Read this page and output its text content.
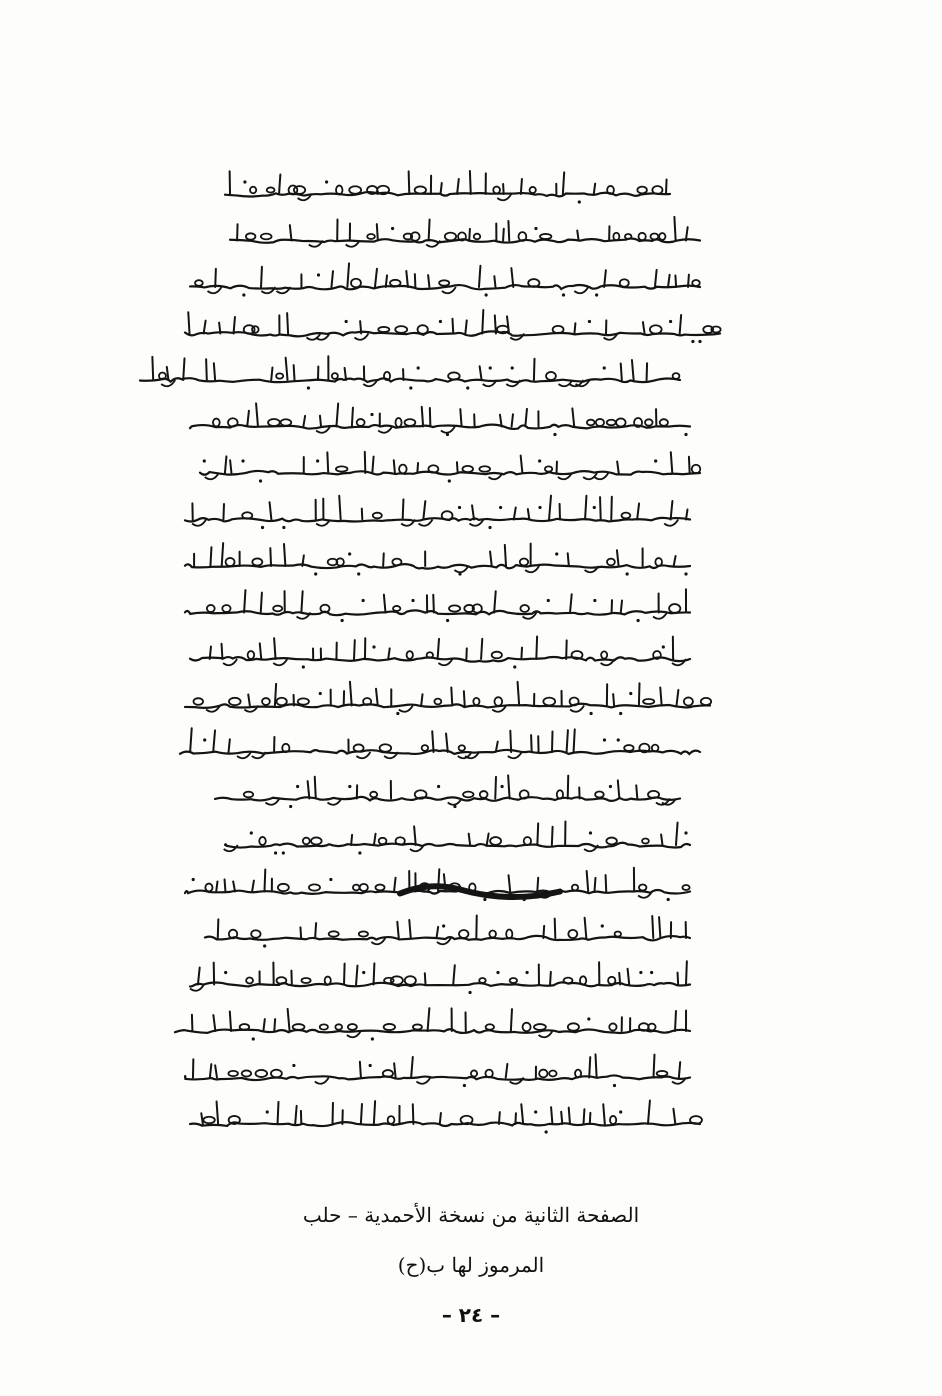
الصفحة الثانية من نسخة الأحمدية – حلب
المرموز لها ب(ح)
– ٢٤ –
